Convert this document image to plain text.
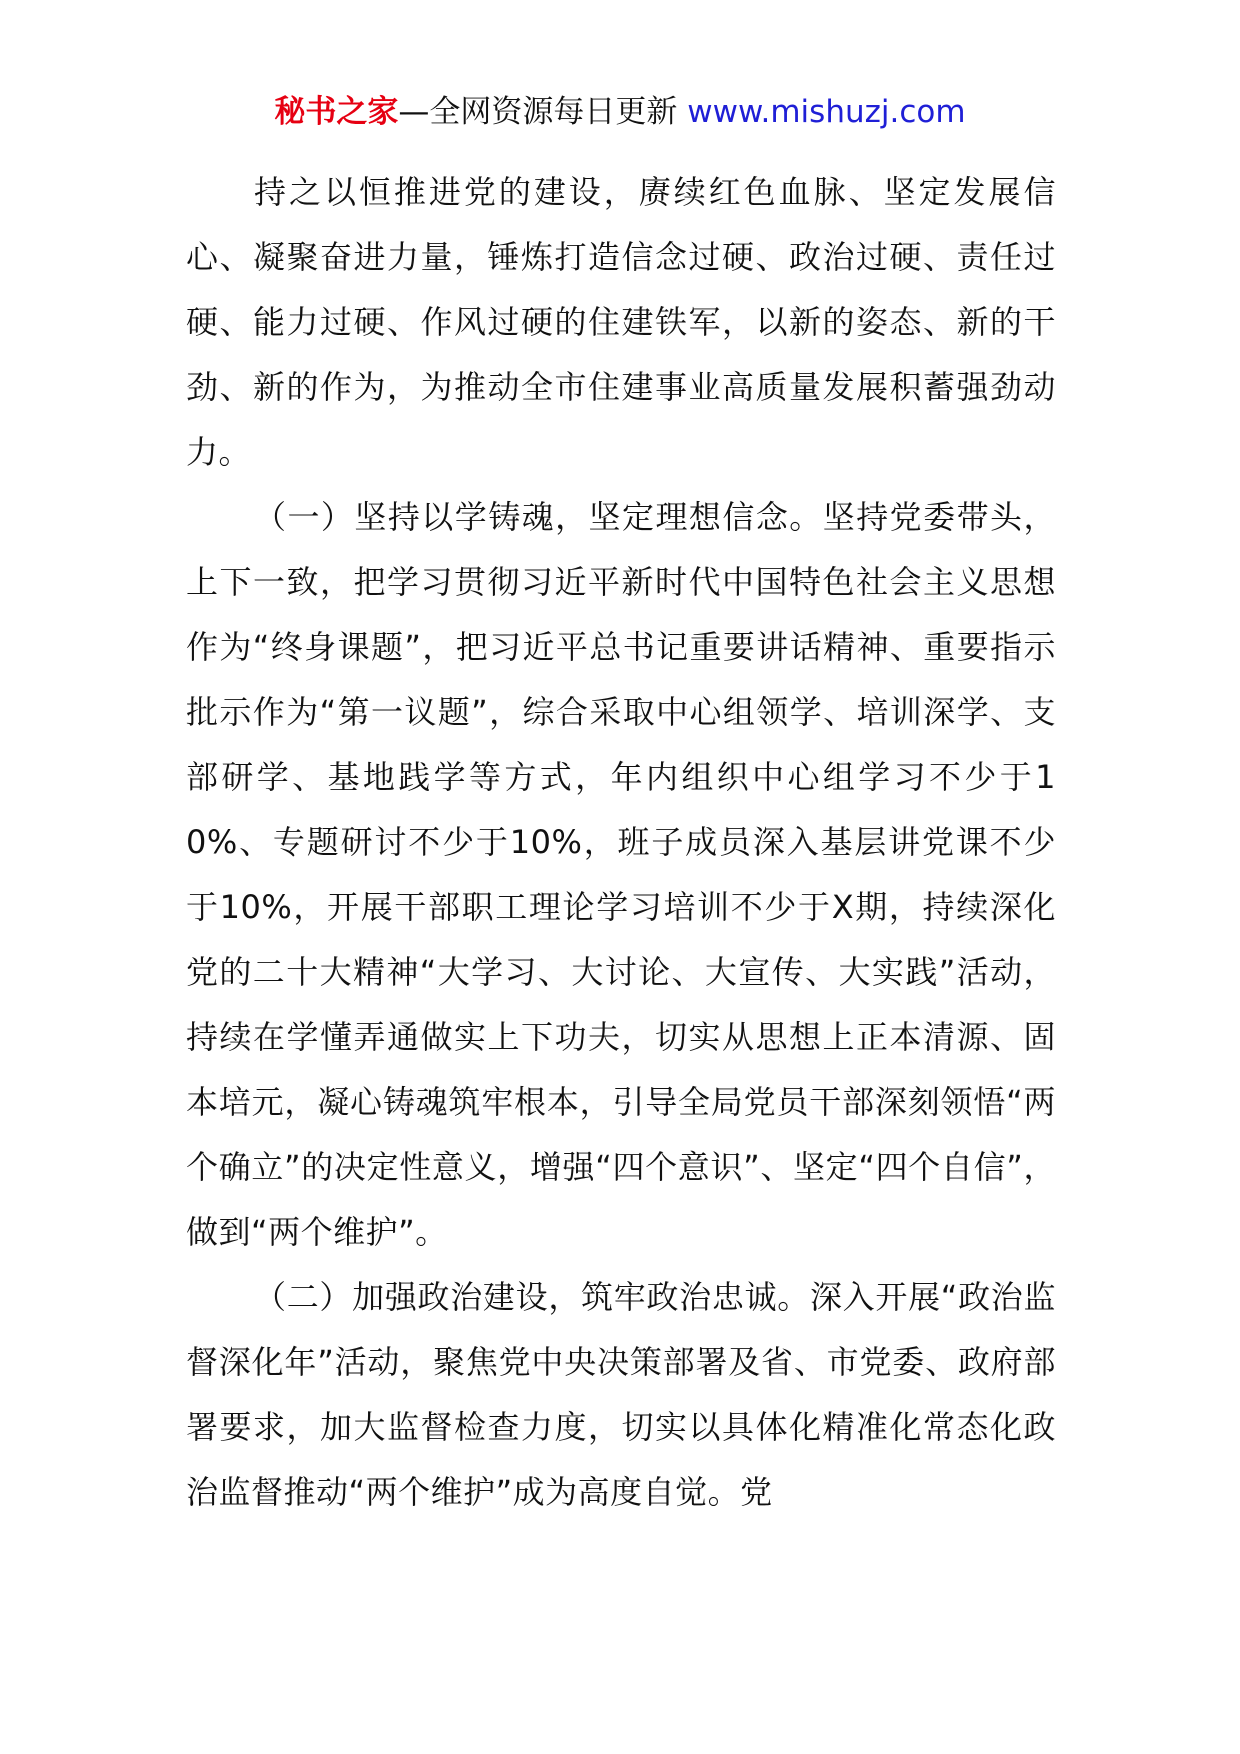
秘书之家—全网资源每日更新 www.mishuzj.com

持之以恒推进党的建设，赓续红色血脉、坚定发展信心、凝聚奋进力量，锤炼打造信念过硬、政治过硬、责任过硬、能力过硬、作风过硬的住建铁军，以新的姿态、新的干劲、新的作为，为推动全市住建事业高质量发展积蓄强劲动力。

（一）坚持以学铸魂，坚定理想信念。坚持党委带头，上下一致，把学习贯彻习近平新时代中国特色社会主义思想作为“终身课题”，把习近平总书记重要讲话精神、重要指示批示作为“第一议题”，综合采取中心组领学、培训深学、支部研学、基地践学等方式，年内组织中心组学习不少于10%、专题研讨不少于10%，班子成员深入基层讲党课不少于10%，开展干部职工理论学习培训不少于X期，持续深化党的二十大精神“大学习、大讨论、大宣传、大实践”活动，持续在学懂弄通做实上下功夫，切实从思想上正本清源、固本培元，凝心铸魂筑牢根本，引导全局党员干部深刻领悟“两个确立”的决定性意义，增强“四个意识”、坚定“四个自信”，做到“两个维护”。

（二）加强政治建设，筑牢政治忠诚。深入开展“政治监督深化年”活动，聚焦党中央决策部署及省、市党委、政府部署要求，加大监督检查力度，切实以具体化精准化常态化政治监督推动“两个维护”成为高度自觉。党
